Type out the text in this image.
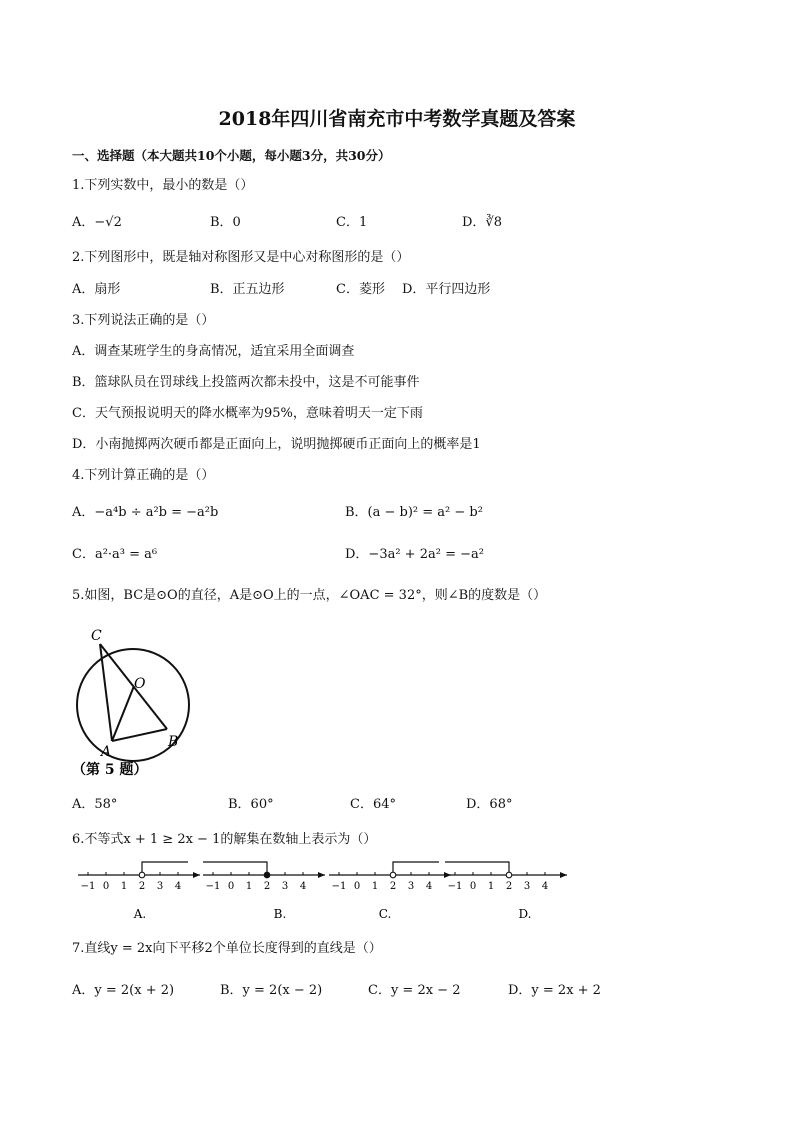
2018年四川省南充市中考数学真题及答案
一、选择题（本大题共10个小题，每小题3分，共30分）
1.下列实数中，最小的数是（）
A．−√2	B．0	C．1	D．∛8
2.下列图形中，既是轴对称图形又是中心对称图形的是（）
A．扇形	B．正五边形	C．菱形 D．平行四边形
3.下列说法正确的是（）
A．调查某班学生的身高情况，适宜采用全面调查
B．篮球队员在罚球线上投篮两次都未投中，这是不可能事件
C．天气预报说明天的降水概率为95%，意味着明天一定下雨
D．小南抛掷两次硬币都是正面向上，说明抛掷硬币正面向上的概率是1
4.下列计算正确的是（）
A．−a⁴b ÷ a²b = −a²b	B．(a − b)² = a² − b²
C．a²·a³ = a⁶	D．−3a² + 2a² = −a²
5.如图，BC是⊙O的直径，A是⊙O上的一点，∠OAC = 32°，则∠B的度数是（）
C
O
A
B
（第 5 题）
A．58°	B．60°	C．64°	D．68°
6.不等式x + 1 ≥ 2x − 1的解集在数轴上表示为（）
−1 0 1 2 3 4
A.
−1 0 1 2 3 4
B.
−1 0 1 2 3 4
C.
−1 0 1 2 3 4
D.
7.直线y = 2x向下平移2个单位长度得到的直线是（）
A．y = 2(x + 2)	B．y = 2(x − 2)	C．y = 2x − 2	D．y = 2x + 2
